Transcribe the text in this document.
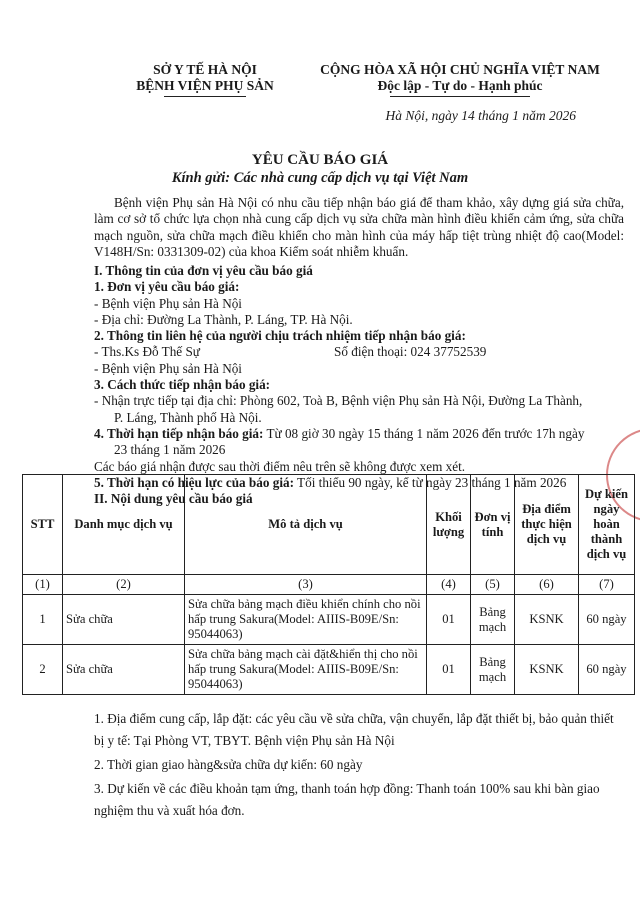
SỞ Y TẾ HÀ NỘI
BỆNH VIỆN PHỤ SẢN
CỘNG HÒA XÃ HỘI CHỦ NGHĨA VIỆT NAM
Độc lập - Tự do - Hạnh phúc
Hà Nội, ngày 14 tháng 1 năm 2026
YÊU CẦU BÁO GIÁ
Kính gửi: Các nhà cung cấp dịch vụ tại Việt Nam
Bệnh viện Phụ sản Hà Nội có nhu cầu tiếp nhận báo giá để tham khảo, xây dựng giá sửa chữa, làm cơ sở tổ chức lựa chọn nhà cung cấp dịch vụ sửa chữa màn hình điều khiển cảm ứng, sửa chữa mạch nguồn, sửa chữa mạch điều khiển cho màn hình của máy hấp tiệt trùng nhiệt độ cao(Model: V148H/Sn: 0331309-02) của khoa Kiểm soát nhiễm khuẩn.

I. Thông tin của đơn vị yêu cầu báo giá

1. Đơn vị yêu cầu báo giá:

- Bệnh viện Phụ sản Hà Nội

- Địa chỉ: Đường La Thành, P. Láng, TP. Hà Nội.

2. Thông tin liên hệ của người chịu trách nhiệm tiếp nhận báo giá:

- Ths.Ks Đỗ Thế Sự	Số điện thoại: 024 37752539

- Bệnh viện Phụ sản Hà Nội

3. Cách thức tiếp nhận báo giá:

- Nhận trực tiếp tại địa chỉ: Phòng 602, Toà B, Bệnh viện Phụ sản Hà Nội, Đường La Thành,

P. Láng, Thành phố Hà Nội.

4. Thời hạn tiếp nhận báo giá: Từ 08 giờ 30 ngày 15 tháng 1 năm 2026 đến trước 17h ngày

23 tháng 1 năm 2026

Các báo giá nhận được sau thời điểm nêu trên sẽ không được xem xét.

5. Thời hạn có hiệu lực của báo giá: Tối thiểu 90 ngày, kể từ ngày 23 tháng 1 năm 2026

II. Nội dung yêu cầu báo giá

STT	Danh mục dịch vụ	Mô tả dịch vụ	Khối lượng	Đơn vị tính	Địa điểm thực hiện dịch vụ	Dự kiến ngày hoàn thành dịch vụ
(1)	(2)	(3)	(4)	(5)	(6)	(7)
1	Sửa chữa	Sửa chữa bảng mạch điều khiển chính cho nồi hấp trung Sakura(Model: AIIIS-B09E/Sn: 95044063)	01	Bảng mạch	KSNK	60 ngày
2	Sửa chữa	Sửa chữa bảng mạch cài đặt&hiển thị cho nồi hấp trung Sakura(Model: AIIIS-B09E/Sn: 95044063)	01	Bảng mạch	KSNK	60 ngày

1. Địa điểm cung cấp, lắp đặt: các yêu cầu về sửa chữa, vận chuyển, lắp đặt thiết bị, bảo quản thiết bị y tế: Tại Phòng VT, TBYT. Bệnh viện Phụ sản Hà Nội

2. Thời gian giao hàng&sửa chữa dự kiến: 60 ngày

3. Dự kiến về các điều khoản tạm ứng, thanh toán hợp đồng: Thanh toán 100% sau khi bàn giao nghiệm thu và xuất hóa đơn.
